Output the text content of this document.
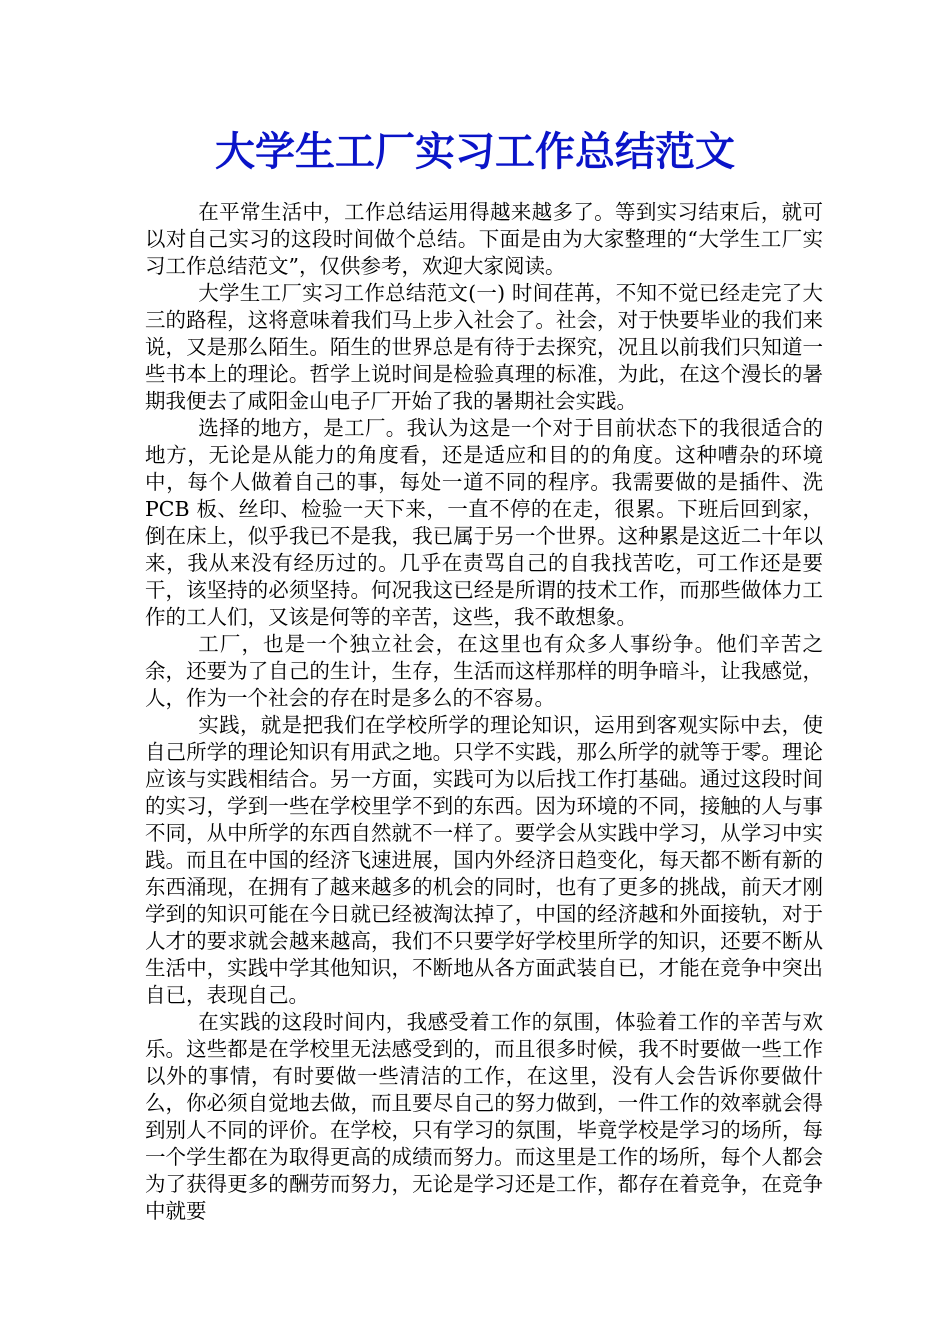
大学生工厂实习工作总结范文

在平常生活中，工作总结运用得越来越多了。等到实习结束后，就可以对自己实习的这段时间做个总结。下面是由为大家整理的“大学生工厂实习工作总结范文”，仅供参考，欢迎大家阅读。

大学生工厂实习工作总结范文(一) 时间荏苒，不知不觉已经走完了大三的路程，这将意味着我们马上步入社会了。社会，对于快要毕业的我们来说，又是那么陌生。陌生的世界总是有待于去探究，况且以前我们只知道一些书本上的理论。哲学上说时间是检验真理的标准，为此，在这个漫长的暑期我便去了咸阳金山电子厂开始了我的暑期社会实践。

选择的地方，是工厂。我认为这是一个对于目前状态下的我很适合的地方，无论是从能力的角度看，还是适应和目的的角度。这种嘈杂的环境中，每个人做着自己的事，每处一道不同的程序。我需要做的是插件、洗 PCB 板、丝印、检验一天下来，一直不停的在走，很累。下班后回到家，倒在床上，似乎我已不是我，我已属于另一个世界。这种累是这近二十年以来，我从来没有经历过的。几乎在责骂自己的自我找苦吃，可工作还是要干，该坚持的必须坚持。何况我这已经是所谓的技术工作，而那些做体力工作的工人们，又该是何等的辛苦，这些，我不敢想象。

工厂，也是一个独立社会，在这里也有众多人事纷争。他们辛苦之余，还要为了自己的生计，生存，生活而这样那样的明争暗斗，让我感觉，人，作为一个社会的存在时是多么的不容易。

实践，就是把我们在学校所学的理论知识，运用到客观实际中去，使自己所学的理论知识有用武之地。只学不实践，那么所学的就等于零。理论应该与实践相结合。另一方面，实践可为以后找工作打基础。通过这段时间的实习，学到一些在学校里学不到的东西。因为环境的不同，接触的人与事不同，从中所学的东西自然就不一样了。要学会从实践中学习，从学习中实践。而且在中国的经济飞速进展，国内外经济日趋变化，每天都不断有新的东西涌现，在拥有了越来越多的机会的同时，也有了更多的挑战，前天才刚学到的知识可能在今日就已经被淘汰掉了，中国的经济越和外面接轨，对于人才的要求就会越来越高，我们不只要学好学校里所学的知识，还要不断从生活中，实践中学其他知识，不断地从各方面武装自已，才能在竞争中突出自已，表现自己。

在实践的这段时间内，我感受着工作的氛围，体验着工作的辛苦与欢乐。这些都是在学校里无法感受到的，而且很多时候，我不时要做一些工作以外的事情，有时要做一些清洁的工作，在这里，没有人会告诉你要做什么，你必须自觉地去做，而且要尽自己的努力做到，一件工作的效率就会得到别人不同的评价。在学校，只有学习的氛围，毕竟学校是学习的场所，每一个学生都在为取得更高的成绩而努力。而这里是工作的场所，每个人都会为了获得更多的酬劳而努力，无论是学习还是工作，都存在着竞争，在竞争中就要
